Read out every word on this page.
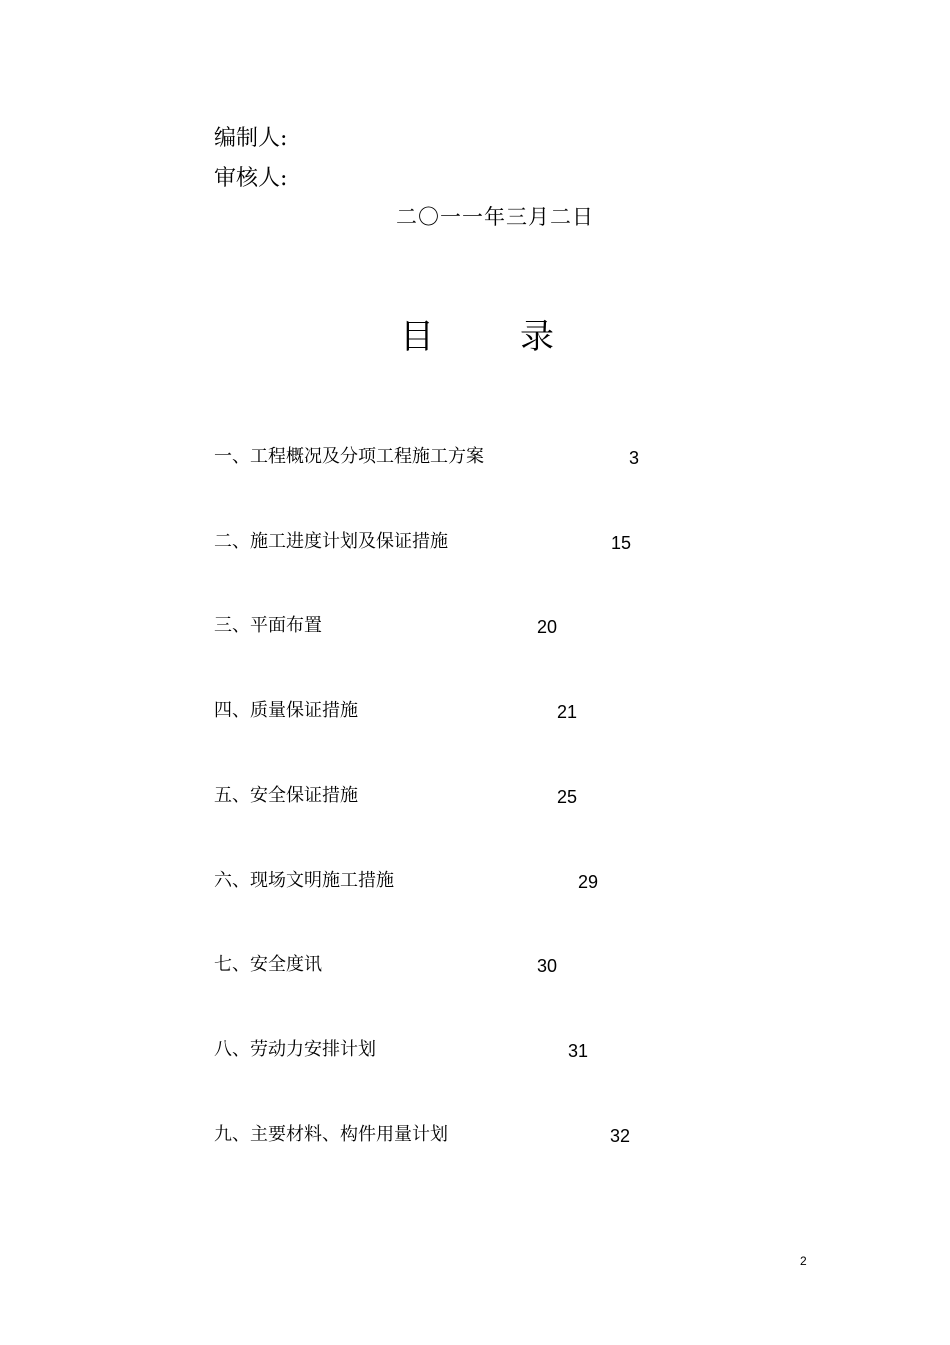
编制人:
审核人:
二〇一一年三月二日
目	录
一、工程概况及分项工程施工方案	3
二、施工进度计划及保证措施	15
三、平面布置	20
四、质量保证措施	21
五、安全保证措施	25
六、现场文明施工措施	29
七、安全度讯	30
八、劳动力安排计划	31
九、主要材料、构件用量计划	32
2
